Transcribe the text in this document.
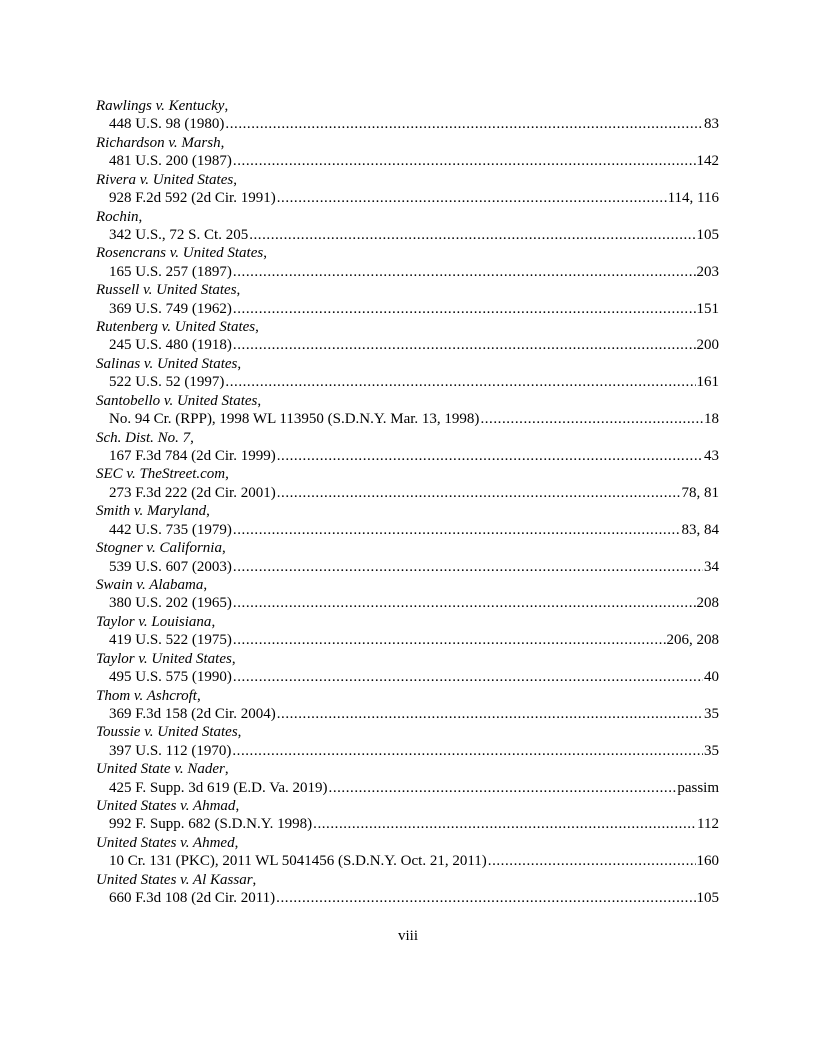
Rawlings v. Kentucky,
448 U.S. 98 (1980) . . .	83
Richardson v. Marsh,
481 U.S. 200 (1987) . . .	142
Rivera v. United States,
928 F.2d 592 (2d Cir. 1991) . . .	114, 116
Rochin,
342 U.S., 72 S. Ct. 205 . . .	105
Rosencrans v. United States,
165 U.S. 257 (1897) . . .	203
Russell v. United States,
369 U.S. 749 (1962) . . .	151
Rutenberg v. United States,
245 U.S. 480 (1918) . . .	200
Salinas v. United States,
522 U.S. 52 (1997) . . .	161
Santobello v. United States,
No. 94 Cr. (RPP), 1998 WL 113950 (S.D.N.Y. Mar. 13, 1998) . . .	18
Sch. Dist. No. 7,
167 F.3d 784 (2d Cir. 1999) . . .	43
SEC v. TheStreet.com,
273 F.3d 222 (2d Cir. 2001) . . .	78, 81
Smith v. Maryland,
442 U.S. 735 (1979) . . .	83, 84
Stogner v. California,
539 U.S. 607 (2003) . . .	34
Swain v. Alabama,
380 U.S. 202 (1965) . . .	208
Taylor v. Louisiana,
419 U.S. 522 (1975) . . .	206, 208
Taylor v. United States,
495 U.S. 575 (1990) . . .	40
Thom v. Ashcroft,
369 F.3d 158 (2d Cir. 2004) . . .	35
Toussie v. United States,
397 U.S. 112 (1970) . . .	35
United State v. Nader,
425 F. Supp. 3d 619 (E.D. Va. 2019) . . .	passim
United States v. Ahmad,
992 F. Supp. 682 (S.D.N.Y. 1998) . . .	112
United States v. Ahmed,
10 Cr. 131 (PKC), 2011 WL 5041456 (S.D.N.Y. Oct. 21, 2011) . . .	160
United States v. Al Kassar,
660 F.3d 108 (2d Cir. 2011) . . .	105
viii
